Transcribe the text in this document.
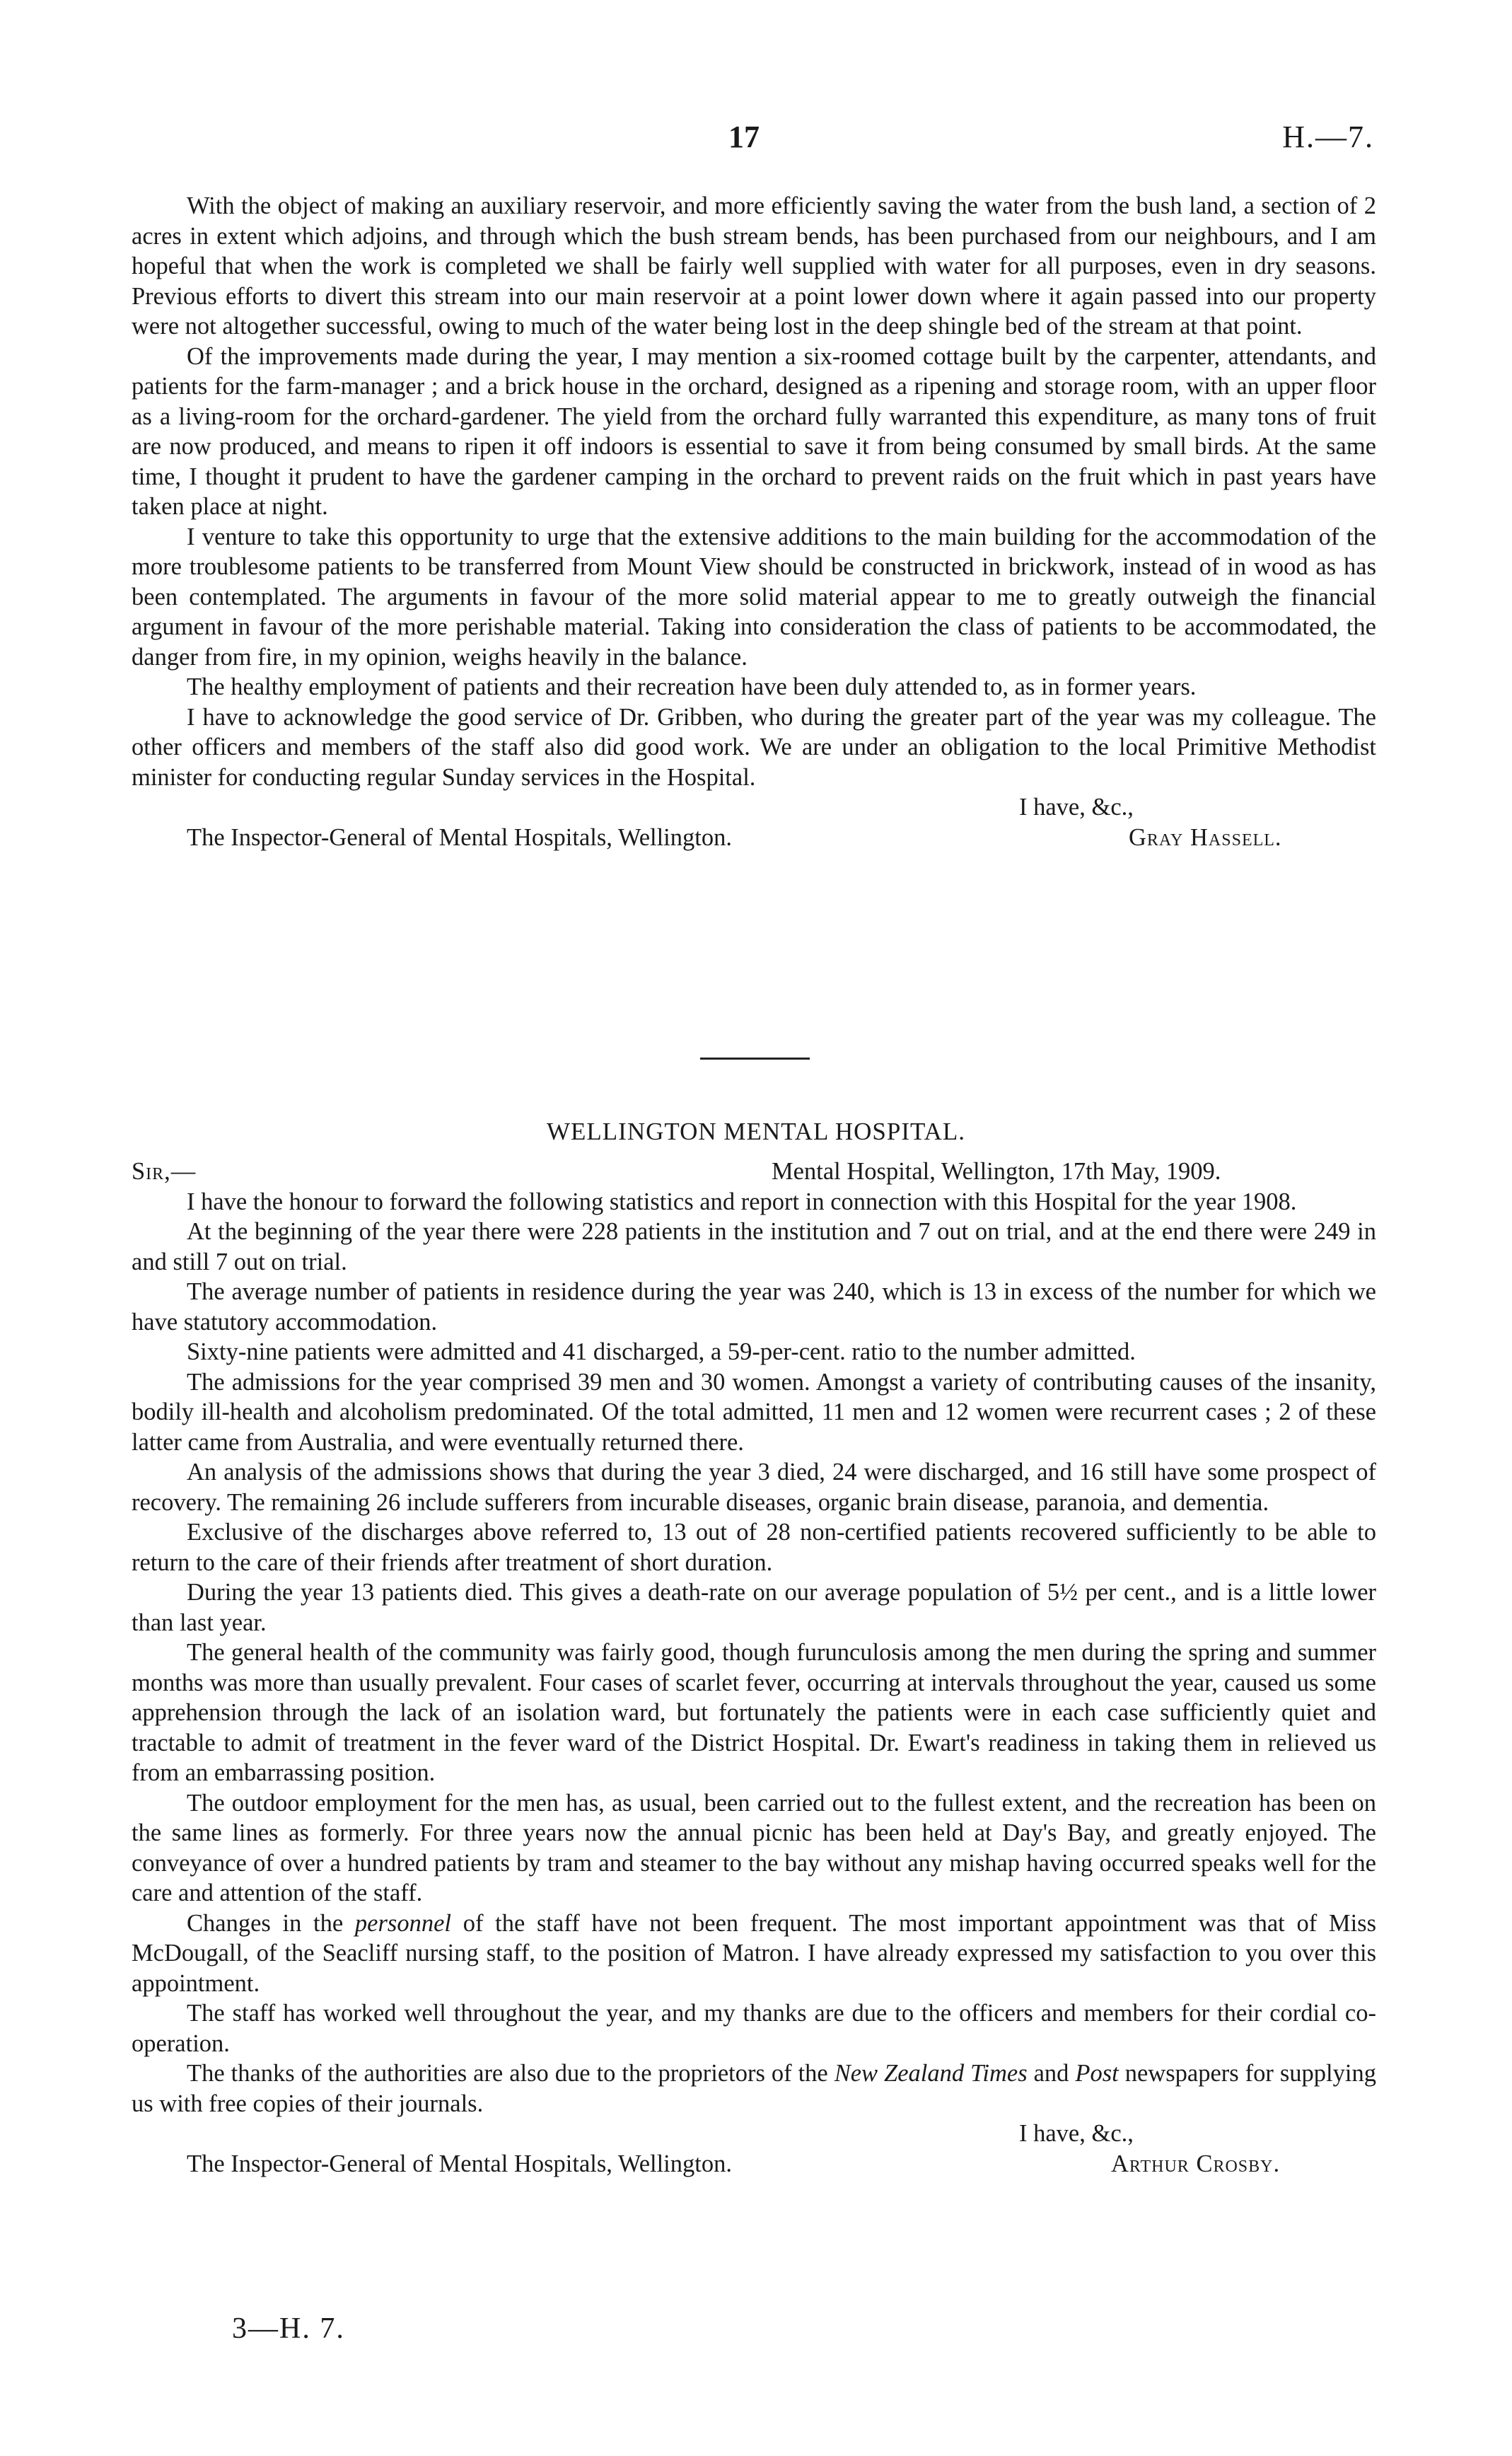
17	H.—7.

With the object of making an auxiliary reservoir, and more efficiently saving the water from the bush land, a section of 2 acres in extent which adjoins, and through which the bush stream bends, has been purchased from our neighbours, and I am hopeful that when the work is completed we shall be fairly well supplied with water for all purposes, even in dry seasons. Previous efforts to divert this stream into our main reservoir at a point lower down where it again passed into our property were not altogether successful, owing to much of the water being lost in the deep shingle bed of the stream at that point.

Of the improvements made during the year, I may mention a six-roomed cottage built by the carpenter, attendants, and patients for the farm-manager ; and a brick house in the orchard, designed as a ripening and storage room, with an upper floor as a living-room for the orchard-gardener. The yield from the orchard fully warranted this expenditure, as many tons of fruit are now produced, and means to ripen it off indoors is essential to save it from being consumed by small birds. At the same time, I thought it prudent to have the gardener camping in the orchard to prevent raids on the fruit which in past years have taken place at night.

I venture to take this opportunity to urge that the extensive additions to the main building for the accommodation of the more troublesome patients to be transferred from Mount View should be constructed in brickwork, instead of in wood as has been contemplated. The arguments in favour of the more solid material appear to me to greatly outweigh the financial argument in favour of the more perishable material. Taking into consideration the class of patients to be accommodated, the danger from fire, in my opinion, weighs heavily in the balance.

The healthy employment of patients and their recreation have been duly attended to, as in former years.

I have to acknowledge the good service of Dr. Gribben, who during the greater part of the year was my colleague. The other officers and members of the staff also did good work. We are under an obligation to the local Primitive Methodist minister for conducting regular Sunday services in the Hospital.

I have, &c.,
The Inspector-General of Mental Hospitals, Wellington.	Gray Hassell.
WELLINGTON MENTAL HOSPITAL.
Sir,—	Mental Hospital, Wellington, 17th May, 1909.

I have the honour to forward the following statistics and report in connection with this Hospital for the year 1908.

At the beginning of the year there were 228 patients in the institution and 7 out on trial, and at the end there were 249 in and still 7 out on trial.

The average number of patients in residence during the year was 240, which is 13 in excess of the number for which we have statutory accommodation.

Sixty-nine patients were admitted and 41 discharged, a 59-per-cent. ratio to the number admitted.

The admissions for the year comprised 39 men and 30 women. Amongst a variety of contributing causes of the insanity, bodily ill-health and alcoholism predominated. Of the total admitted, 11 men and 12 women were recurrent cases ; 2 of these latter came from Australia, and were eventually returned there.

An analysis of the admissions shows that during the year 3 died, 24 were discharged, and 16 still have some prospect of recovery. The remaining 26 include sufferers from incurable diseases, organic brain disease, paranoia, and dementia.

Exclusive of the discharges above referred to, 13 out of 28 non-certified patients recovered sufficiently to be able to return to the care of their friends after treatment of short duration.

During the year 13 patients died. This gives a death-rate on our average population of 5½ per cent., and is a little lower than last year.

The general health of the community was fairly good, though furunculosis among the men during the spring and summer months was more than usually prevalent. Four cases of scarlet fever, occurring at intervals throughout the year, caused us some apprehension through the lack of an isolation ward, but fortunately the patients were in each case sufficiently quiet and tractable to admit of treatment in the fever ward of the District Hospital. Dr. Ewart's readiness in taking them in relieved us from an embarrassing position.

The outdoor employment for the men has, as usual, been carried out to the fullest extent, and the recreation has been on the same lines as formerly. For three years now the annual picnic has been held at Day's Bay, and greatly enjoyed. The conveyance of over a hundred patients by tram and steamer to the bay without any mishap having occurred speaks well for the care and attention of the staff.

Changes in the personnel of the staff have not been frequent. The most important appointment was that of Miss McDougall, of the Seacliff nursing staff, to the position of Matron. I have already expressed my satisfaction to you over this appointment.

The staff has worked well throughout the year, and my thanks are due to the officers and members for their cordial co-operation.

The thanks of the authorities are also due to the proprietors of the New Zealand Times and Post newspapers for supplying us with free copies of their journals.

I have, &c.,
The Inspector-General of Mental Hospitals, Wellington.	Arthur Crosby.
3—H. 7.
